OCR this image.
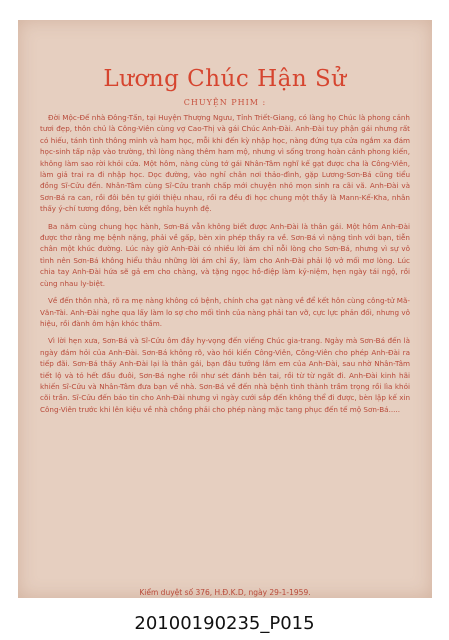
Lương Chúc Hận Sử
CHUYỆN PHIM :

Đời Mộc-Đế nhà Đông-Tấn, tại Huyện Thượng Ngưu, Tỉnh Triết-Giang, có làng họ Chúc là phong cảnh tươi đẹp, thôn chủ là Công-Viên cùng vợ Cao-Thị và gái Chúc Anh-Đài. Anh-Đài tuy phận gái nhưng rất có hiếu, tánh tình thông minh và ham học, mỗi khi đến kỳ nhập học, nàng đứng tựa cửa ngắm xa đám học-sinh tấp nập vào trường, thì lòng nàng thêm ham mộ, nhưng vì sống trong hoàn cảnh phong kiến, không làm sao rời khỏi cửa. Một hôm, nàng cùng tớ gái Nhân-Tâm nghĩ kế gạt được cha là Công-Viên, làm giả trai ra đi nhập học. Dọc đường, vào nghỉ chân nơi thảo-đình, gặp Lương-Sơn-Bá cũng tiểu đồng Sĩ-Cửu đến. Nhân-Tâm cùng Sĩ-Cửu tranh chấp mới chuyện nhỏ mọn sinh ra cãi vã. Anh-Đài và Sơn-Bá ra can, rồi đôi bên tự giới thiệu nhau, rồi ra đều đi học chung một thầy là Mann-Kế-Kha, nhân thấy ý-chí tương đồng, bèn kết nghĩa huynh đệ.

Ba năm cùng chung học hành, Sơn-Bá vẫn không biết được Anh-Đài là thân gái. Một hôm Anh-Đài được thơ rằng mẹ bệnh nặng, phải về gấp, bèn xin phép thầy ra về. Sơn-Bá vì nặng tình với bạn, tiễn chân một khúc đường. Lúc này giờ Anh-Đài có nhiều lời ám chỉ nỗi lòng cho Sơn-Bá, nhưng vì sự vô tình nên Sơn-Bá không hiểu thâu những lời ám chỉ ấy, làm cho Anh-Đài phải lộ vở mối mơ lòng. Lúc chia tay Anh-Đài hứa sẽ gả em cho chàng, và tặng ngọc hồ-điệp làm kỷ-niệm, hẹn ngày tái ngộ, rồi cùng nhau ly-biệt.

Về đến thôn nhà, rõ ra mẹ nàng không có bệnh, chính cha gạt nàng về để kết hôn cùng công-tử Mã-Văn-Tài. Anh-Đài nghe qua lấy làm lo sợ cho mối tình của nàng phải tan vỡ, cực lực phản đối, nhưng vô hiệu, rồi đành ôm hận khóc thầm.

Vì lời hẹn xưa, Sơn-Bá và Sĩ-Cửu ôm đầy hy-vọng đến viếng Chúc gia-trang. Ngày mà Sơn-Bá đến là ngày đám hỏi của Anh-Đài. Sơn-Bá không rõ, vào hỏi kiến Công-Viên, Công-Viên cho phép Anh-Đài ra tiếp đãi. Sơn-Bá thấy Anh-Đài lại là thân gái, bạn đâu tưởng lắm em của Anh-Đài, sau nhờ Nhân-Tâm tiết lộ và tỏ hết đầu đuôi, Sơn-Bá nghe rồi như sét đánh bên tai, rồi từ từ ngất đi. Anh-Đài kinh hãi khiến Sĩ-Cửu và Nhân-Tâm đưa bạn về nhà. Sơn-Bá về đến nhà bệnh tình thành trầm trọng rồi lìa khỏi cõi trần. Sĩ-Cửu đến báo tin cho Anh-Đài nhưng vì ngày cưới sắp đến không thể đi được, bèn lập kế xin Công-Viên trước khi lên kiệu về nhà chồng phải cho phép nàng mặc tang phục đến tế mộ Sơn-Bá.....

Kiểm duyệt số 376, H.Đ.K.D, ngày 29-1-1959.
20100190235_P015
